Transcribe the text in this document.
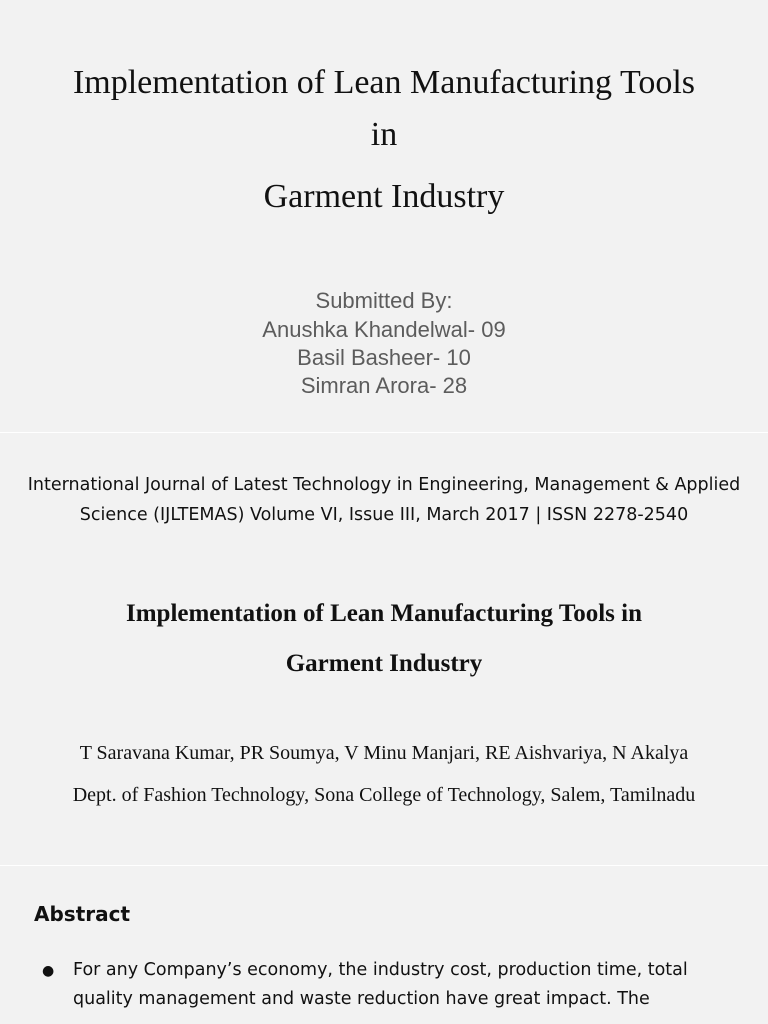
Implementation of Lean Manufacturing Tools
in
Garment Industry
Submitted By:
Anushka Khandelwal- 09
Basil Basheer- 10
Simran Arora- 28
International Journal of Latest Technology in Engineering, Management & Applied
Science (IJLTEMAS) Volume VI, Issue III, March 2017 | ISSN 2278-2540
Implementation of Lean Manufacturing Tools in
Garment Industry
T Saravana Kumar, PR Soumya, V Minu Manjari, RE Aishvariya, N Akalya
Dept. of Fashion Technology, Sona College of Technology, Salem, Tamilnadu
Abstract
● For any Company’s economy, the industry cost, production time, total
quality management and waste reduction have great impact. The
